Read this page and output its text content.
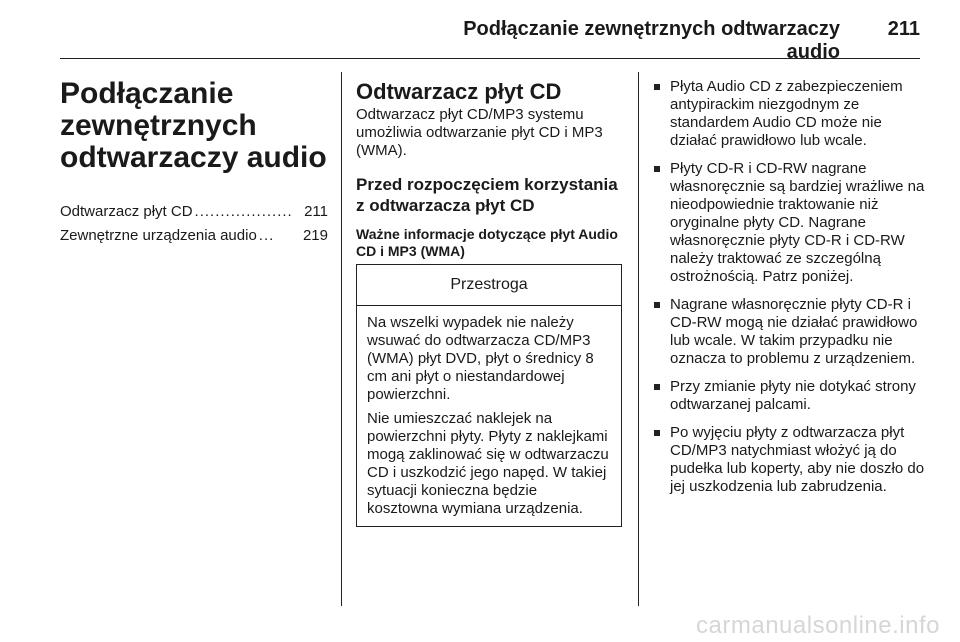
Podłączanie zewnętrznych odtwarzaczy audio
211
Podłączanie
zewnętrznych
odtwarzaczy audio
Odtwarzacz płyt CD ................... 211
Zewnętrzne urządzenia audio ...	219
Odtwarzacz płyt CD

Odtwarzacz płyt CD/MP3 systemu umożliwia odtwarzanie płyt CD i MP3 (WMA).

Przed rozpoczęciem korzystania z odtwarzacza płyt CD
Ważne informacje dotyczące płyt Audio CD i MP3 (WMA)
Przestroga

Na wszelki wypadek nie należy wsuwać do odtwarzacza CD/MP3 (WMA) płyt DVD, płyt o średnicy 8 cm ani płyt o niestandardowej powierzchni.

Nie umieszczać naklejek na powierzchni płyty. Płyty z naklejkami mogą zaklinować się w odtwarzaczu CD i uszkodzić jego napęd. W takiej sytuacji konieczna będzie kosztowna wymiana urządzenia.

Płyta Audio CD z zabezpieczeniem antypirackim niezgodnym ze standardem Audio CD może nie działać prawidłowo lub wcale.
Płyty CD-R i CD-RW nagrane własnoręcznie są bardziej wrażliwe na nieodpowiednie traktowanie niż oryginalne płyty CD. Nagrane własnoręcznie płyty CD-R i CD-RW należy traktować ze szczególną ostrożnością. Patrz poniżej.
Nagrane własnoręcznie płyty CD-R i CD-RW mogą nie działać prawidłowo lub wcale. W takim przypadku nie oznacza to problemu z urządzeniem.
Przy zmianie płyty nie dotykać strony odtwarzanej palcami.
Po wyjęciu płyty z odtwarzacza płyt CD/MP3 natychmiast włożyć ją do pudełka lub koperty, aby nie doszło do jej uszkodzenia lub zabrudzenia.
carmanualsonline.info
